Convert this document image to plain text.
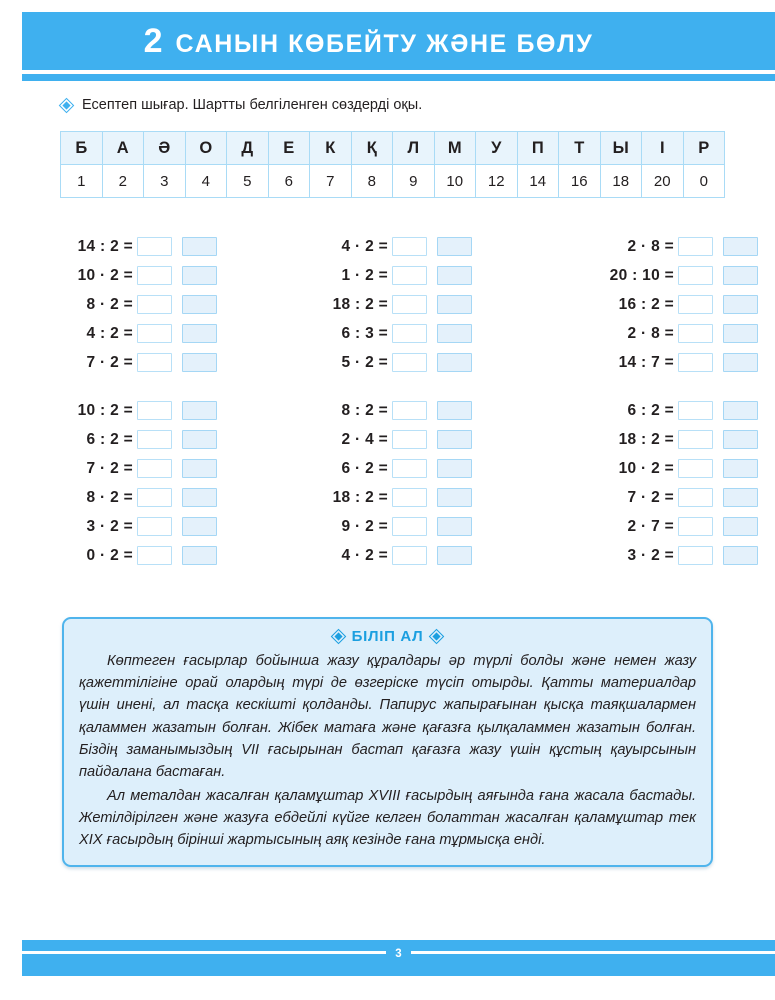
2 САНЫН КӨБЕЙТУ ЖӘНЕ БӨЛУ
Есептеп шығар. Шартты белгіленген сөздерді оқы.
Б	А	Ә	О	Д	Е	К	Қ	Л	М	У	П	Т	Ы	І	Р
1	2	3	4	5	6	7	8	9	10	12	14	16	18	20	0
14 : 2 =
10 · 2 =
8 · 2 =
4 : 2 =
7 · 2 =
4 · 2 =
1 · 2 =
18 : 2 =
6 : 3 =
5 · 2 =
2 · 8 =
20 : 10 =
16 : 2 =
2 · 8 =
14 : 7 =
10 : 2 =
6 : 2 =
7 · 2 =
8 · 2 =
3 · 2 =
0 · 2 =
8 : 2 =
2 · 4 =
6 · 2 =
18 : 2 =
9 · 2 =
4 · 2 =
6 : 2 =
18 : 2 =
10 · 2 =
7 · 2 =
2 · 7 =
3 · 2 =
БІЛІП АЛ

Көптеген ғасырлар бойынша жазу құралдары әр түрлі болды және немен жазу қажеттілігіне орай олардың түрі де өзгеріске түсіп отырды. Қатты материалдар үшін инені, ал тасқа кескішті қолданды. Папирус жапырағынан қысқа таяқшалармен қаламмен жазатын болған. Жібек матаға және қағазға қылқаламмен жазатын болған. Біздің заманымыздың VII ғасырынан бастап қағазға жазу үшін құстың қауырсынын пайдалана бастаған.

Ал металдан жасалған қаламұштар XVIII ғасырдың аяғында ғана жасала бастады. Жетілдірілген және жазуға ебдейлі күйге келген болаттан жасалған қаламұштар тек XIX ғасырдың бірінші жартысының аяқ кезінде ғана тұрмысқа енді.

3
